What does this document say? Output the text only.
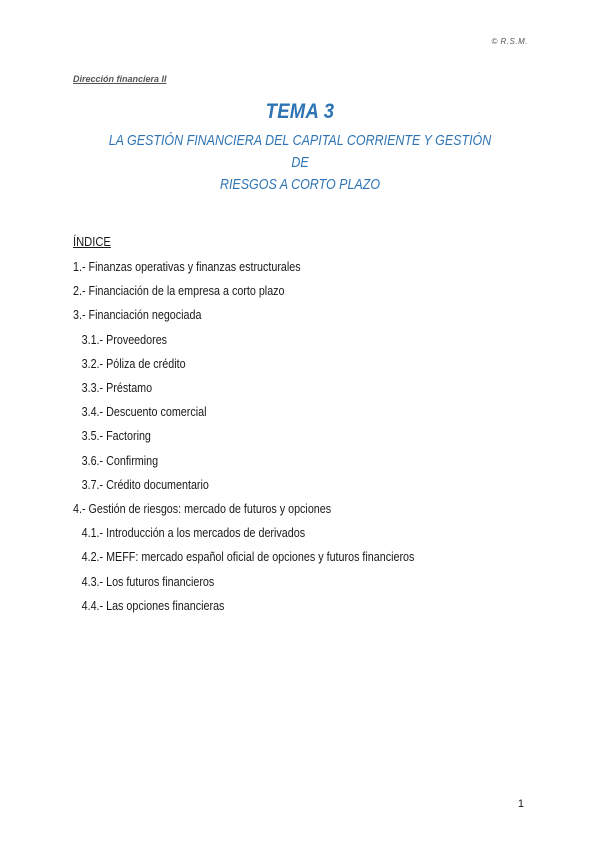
© R.S.M.
Dirección financiera II
TEMA 3
LA GESTIÓN FINANCIERA DEL CAPITAL CORRIENTE Y GESTIÓN DE
RIESGOS A CORTO PLAZO
ÍNDICE
1.- Finanzas operativas y finanzas estructurales
2.- Financiación de la empresa a corto plazo
3.- Financiación negociada
3.1.- Proveedores
3.2.- Póliza de crédito
3.3.- Préstamo
3.4.- Descuento comercial
3.5.- Factoring
3.6.- Confirming
3.7.- Crédito documentario
4.- Gestión de riesgos: mercado de futuros y opciones
4.1.- Introducción a los mercados de derivados
4.2.- MEFF: mercado español oficial de opciones y futuros financieros
4.3.- Los futuros financieros
4.4.- Las opciones financieras
1
